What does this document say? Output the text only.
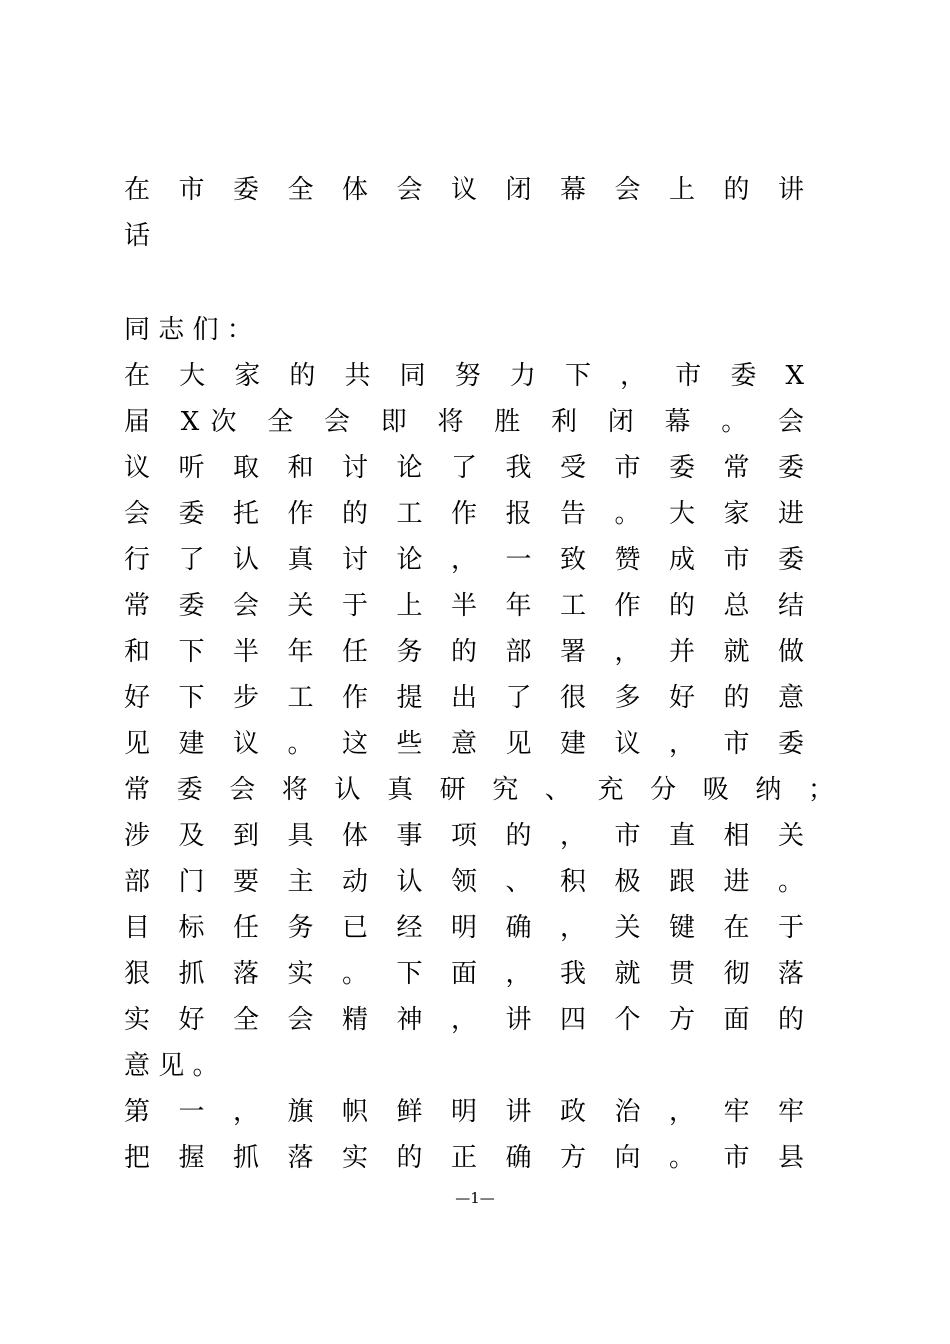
在 市 委 全 体 会 议 闭 幕 会 上 的 讲
话
同 志 们 ：
在 大 家 的 共 同 努 力 下 ， 市 委 X
届 X次 全 会 即 将 胜 利 闭 幕 。 会
议 听 取 和 讨 论 了 我 受 市 委 常 委
会 委 托 作 的 工 作 报 告 。 大 家 进
行 了 认 真 讨 论 ， 一 致 赞 成 市 委
常 委 会 关 于 上 半 年 工 作 的 总 结
和 下 半 年 任 务 的 部 署 ， 并 就 做
好 下 步 工 作 提 出 了 很 多 好 的 意
见 建 议 。 这 些 意 见 建 议 ， 市 委
常 委 会 将 认 真 研 究 、 充 分 吸 纳 ；
涉 及 到 具 体 事 项 的 ， 市 直 相 关
部 门 要 主 动 认 领 、 积 极 跟 进 。
目 标 任 务 已 经 明 确 ， 关 键 在 于
狠 抓 落 实 。 下 面 ， 我 就 贯 彻 落
实 好 全 会 精 神 ， 讲 四 个 方 面 的
意 见 。
第 一 ， 旗 帜 鲜 明 讲 政 治 ， 牢 牢
把 握 抓 落 实 的 正 确 方 向 。 市 县
—1—
